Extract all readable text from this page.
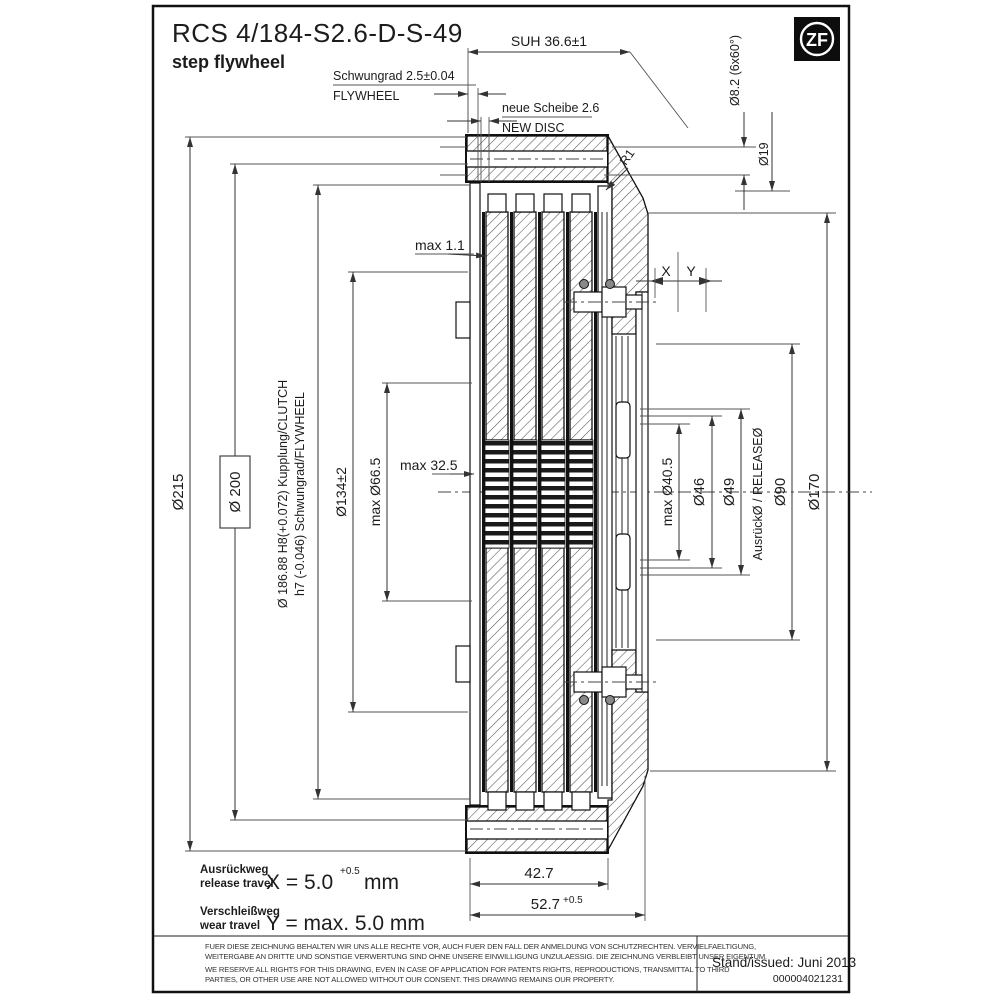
RCS 4/184-S2.6-D-S-49
step flywheel
ZF
SUH 36.6±1
Schwungrad 2.5±0.04
FLYWHEEL
neue Scheibe 2.6
NEW DISC
Ø8.2 (6x60°)
Ø19
R1
max 1.1
Ø215	Ø 200	Ø 186.88 H8(+0.072) Kupplung/CLUTCH h7 (-0.046) Schwungrad/FLYWHEEL Ø134±2 max Ø66.5 max 32.5	max Ø40.5 Ø46 Ø49 AusrückØ / RELEASEØ Ø90 Ø170
X Y
42.7
52.7 +0.5
Ausrückweg
release travel
X = 5.0 +0.5 mm
Verschleißweg
wear travel Y = max. 5.0 mm
FUER DIESE ZEICHNUNG BEHALTEN WIR UNS ALLE RECHTE VOR, AUCH FUER DEN FALL DER ANMELDUNG VON SCHUTZRECHTEN. VERVIELFAELTIGUNG,
WEITERGABE AN DRITTE UND SONSTIGE VERWERTUNG SIND OHNE UNSERE EINWILLIGUNG UNZULAESSIG. DIE ZEICHNUNG VERBLEIBT UNSER EIGENTUM.
WE RESERVE ALL RIGHTS FOR THIS DRAWING, EVEN IN CASE OF APPLICATION FOR PATENTS RIGHTS, REPRODUCTIONS, TRANSMITTAL TO THIRD
PARTIES, OR OTHER USE ARE NOT ALLOWED WITHOUT OUR CONSENT. THIS DRAWING REMAINS OUR PROPERTY.
Stand/issued: Juni 2013
000004021231
